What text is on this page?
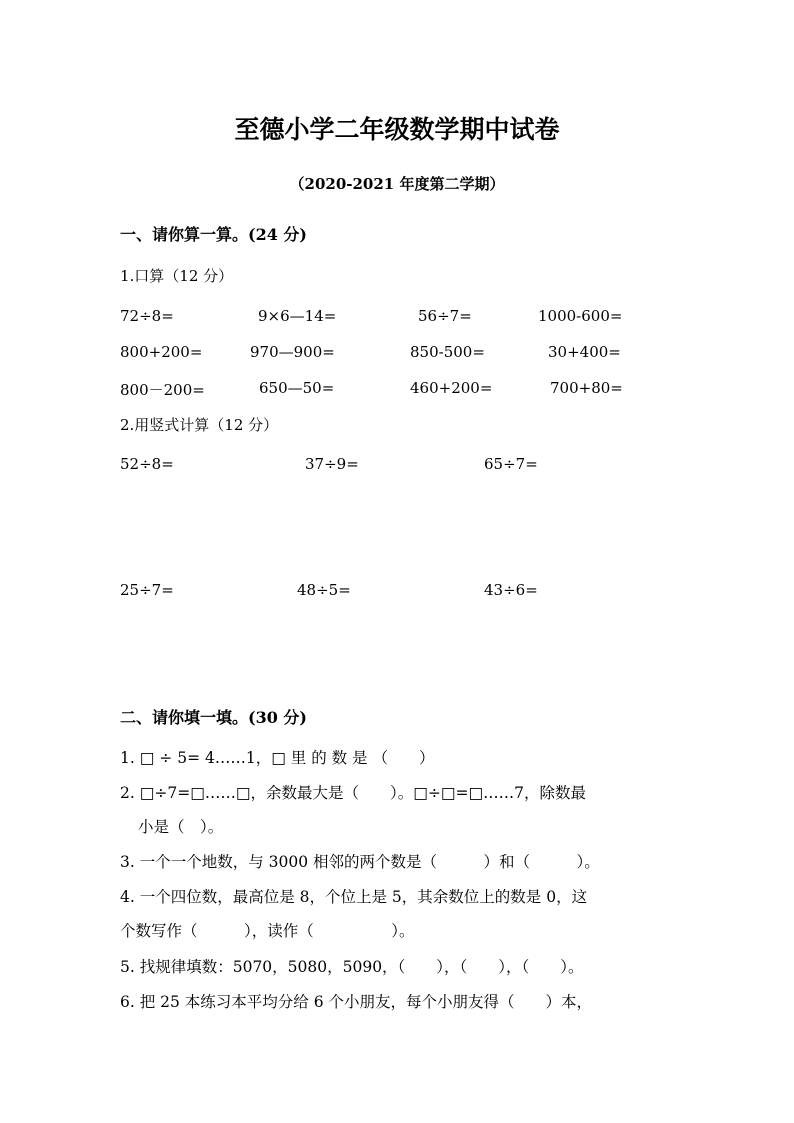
至德小学二年级数学期中试卷
（2020-2021 年度第二学期）
一、请你算一算。(24 分)
1.口算（12 分）
72÷8=	9×6—14=	56÷7=	1000-600=
800+200=	970—900=	850-500=	30+400=
800－200=	650—50=	460+200=	700+80=
2.用竖式计算（12 分）
52÷8=	37÷9=	65÷7=
25÷7=	48÷5=	43÷6=
二、请你填一填。(30 分)
1. □ ÷ 5= 4……1，□ 里 的 数 是 （　　）
2. □÷7=□……□，余数最大是（　　）。□÷□=□……7，除数最
小是（　）。
3. 一个一个地数，与 3000 相邻的两个数是（　　　）和（　　　）。
4. 一个四位数，最高位是 8，个位上是 5，其余数位上的数是 0，这
个数写作（　　　），读作（　　　　　）。
5. 找规律填数：5070，5080，5090，（　　），（　　），（　　）。
6. 把 25 本练习本平均分给 6 个小朋友，每个小朋友得（　　）本，
